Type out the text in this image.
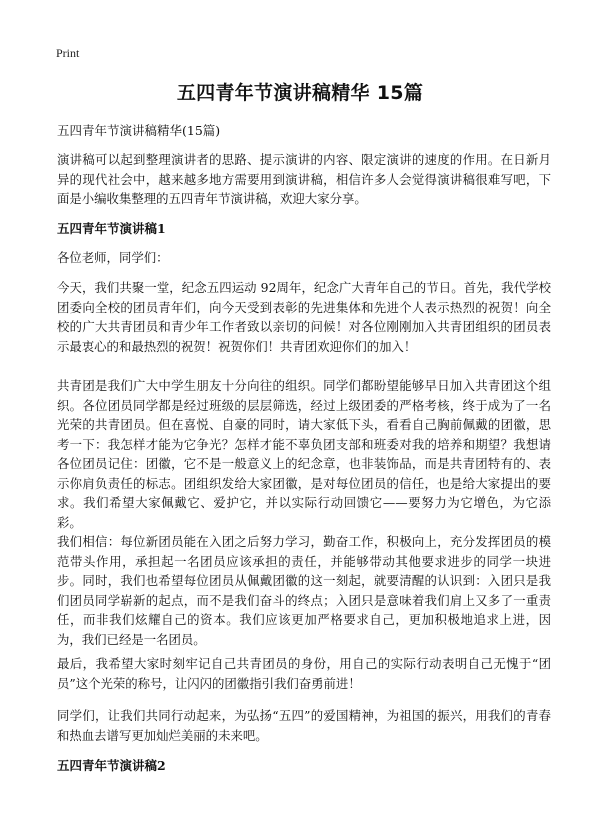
Print
五四青年节演讲稿精华 15篇
五四青年节演讲稿精华(15篇)
演讲稿可以起到整理演讲者的思路、提示演讲的内容、限定演讲的速度的作用。在日新月异的现代社会中，越来越多地方需要用到演讲稿，相信许多人会觉得演讲稿很难写吧，下面是小编收集整理的五四青年节演讲稿，欢迎大家分享。
五四青年节演讲稿1
各位老师，同学们：
今天，我们共聚一堂，纪念五四运动 92周年，纪念广大青年自己的节日。首先，我代学校团委向全校的团员青年们，向今天受到表彰的先进集体和先进个人表示热烈的祝贺！向全校的广大共青团员和青少年工作者致以亲切的问候！对各位刚刚加入共青团组织的团员表示最衷心的和最热烈的祝贺！祝贺你们！共青团欢迎你们的加入！
共青团是我们广大中学生朋友十分向往的组织。同学们都盼望能够早日加入共青团这个组织。各位团员同学都是经过班级的层层筛选，经过上级团委的严格考核，终于成为了一名光荣的共青团员。但在喜悦、自豪的同时，请大家低下头，看看自己胸前佩戴的团徽，思考一下：我怎样才能为它争光？怎样才能不辜负团支部和班委对我的培养和期望？我想请各位团员记住：团徽，它不是一般意义上的纪念章，也非装饰品，而是共青团特有的、表示你肩负责任的标志。团组织发给大家团徽，是对每位团员的信任，也是给大家提出的要求。我们希望大家佩戴它、爱护它，并以实际行动回馈它——要努力为它增色，为它添彩。
我们相信：每位新团员能在入团之后努力学习，勤奋工作，积极向上，充分发挥团员的模范带头作用，承担起一名团员应该承担的责任，并能够带动其他要求进步的同学一块进步。同时，我们也希望每位团员从佩戴团徽的这一刻起，就要清醒的认识到：入团只是我们团员同学崭新的起点，而不是我们奋斗的终点；入团只是意味着我们肩上又多了一重责任，而非我们炫耀自己的资本。我们应该更加严格要求自己，更加积极地追求上进，因为，我们已经是一名团员。
最后，我希望大家时刻牢记自己共青团员的身份，用自己的实际行动表明自己无愧于“团员”这个光荣的称号，让闪闪的团徽指引我们奋勇前进！
同学们，让我们共同行动起来，为弘扬“五四”的爱国精神，为祖国的振兴，用我们的青春和热血去谱写更加灿烂美丽的未来吧。
五四青年节演讲稿2
